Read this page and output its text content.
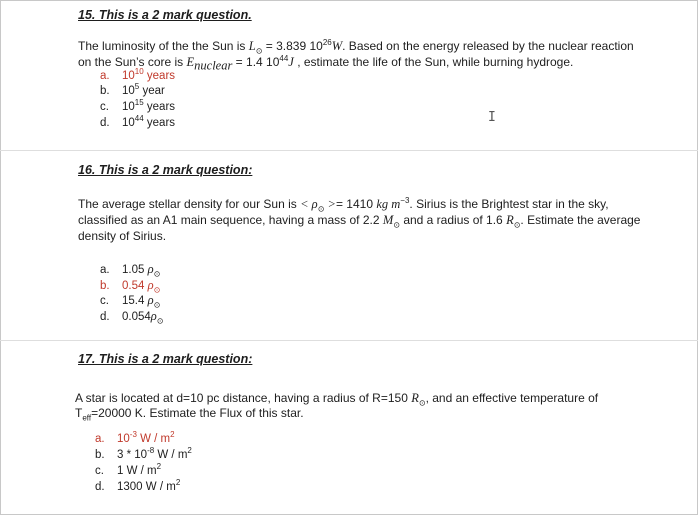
15. This is a 2 mark question.
The luminosity of the the Sun is $L_⊙ = 3.839$ $10^{26}W$. Based on the energy released by the nuclear reaction
on the Sun’s core is $E_{nuclear} = 1.4$ $10^{44}J$ , estimate the life of the Sun, while burning hydroge.
a. $10^{10}$ years
b. $10^5$ year
c. $10^{15}$ years
d. $10^{44}$ years	I
16. This is a 2 mark question:
The average stellar density for our Sun is < $\rho_⊙ >= 1410$ kg $m^{-3}$. Sirius is the Brightest star in the sky,
classified as an A1 main sequence, having a mass of 2.2 $M_⊙$ and a radius of 1.6 $R_⊙$. Estimate the average
density of Sirius.
a. 1.05 $\rho_⊙$
b. 0.54 $\rho_⊙$
c. 15.4 $\rho_⊙$
d. $0.054\rho_⊙$
17. This is a 2 mark question:
A star is located at d=10 pc distance, having a radius of R=150 $R_⊙$, and an effective temperature of
$T_{eff}=20000$ K. Estimate the Flux of this star.
a. $10^{-3}$ W / $m^2$
b. $3 * 10^{-8}$ W / $m^2$
c. 1 W / $m^2$
d. 1300 W / $m^2$
